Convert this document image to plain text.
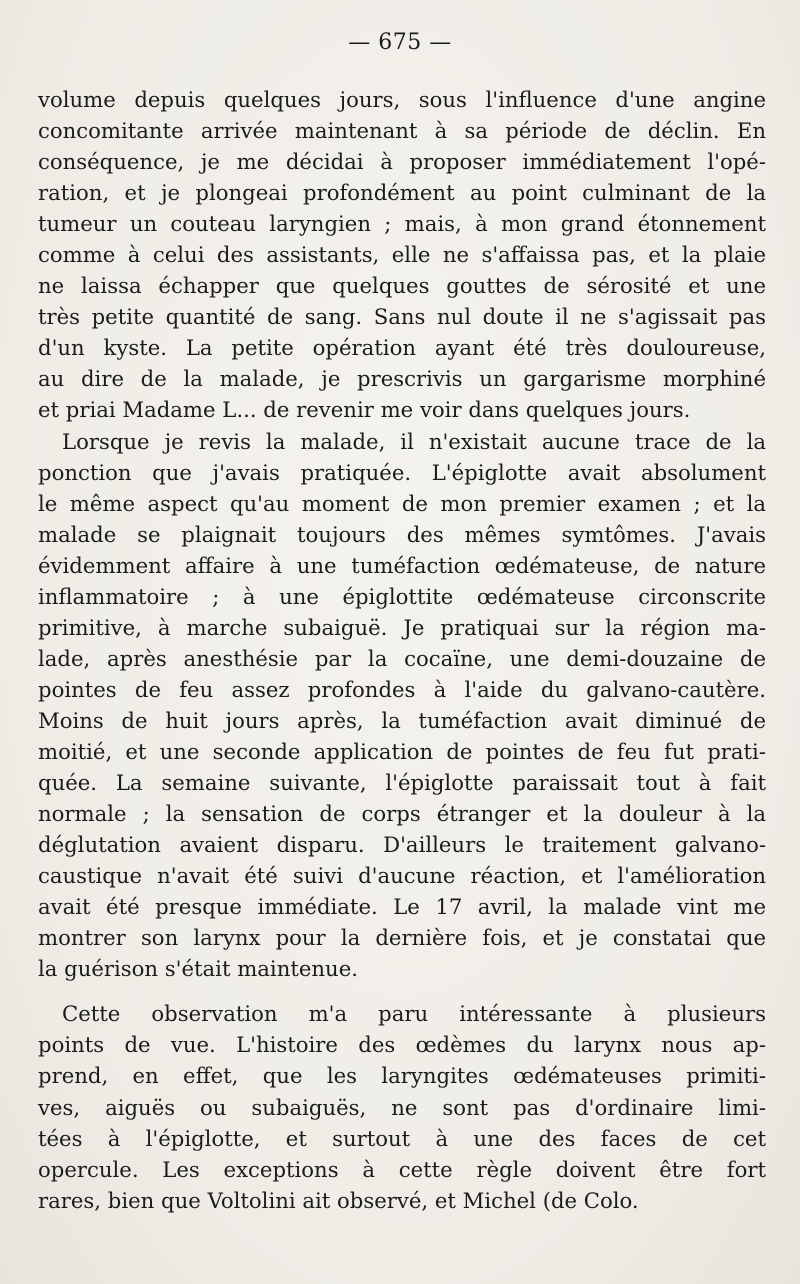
— 675 —
volume depuis quelques jours, sous l'influence d'une angine
concomitante arrivée maintenant à sa période de déclin. En
conséquence, je me décidai à proposer immédiatement l'opé-
ration, et je plongeai profondément au point culminant de la
tumeur un couteau laryngien ; mais, à mon grand étonnement
comme à celui des assistants, elle ne s'affaissa pas, et la plaie
ne laissa échapper que quelques gouttes de sérosité et une
très petite quantité de sang. Sans nul doute il ne s'agissait pas
d'un kyste. La petite opération ayant été très douloureuse,
au dire de la malade, je prescrivis un gargarisme morphiné
et priai Madame L... de revenir me voir dans quelques jours.
Lorsque je revis la malade, il n'existait aucune trace de la
ponction que j'avais pratiquée. L'épiglotte avait absolument
le même aspect qu'au moment de mon premier examen ; et la
malade se plaignait toujours des mêmes symtômes. J'avais
évidemment affaire à une tuméfaction œdémateuse, de nature
inflammatoire ; à une épiglottite œdémateuse circonscrite
primitive, à marche subaiguë. Je pratiquai sur la région ma-
lade, après anesthésie par la cocaïne, une demi-douzaine de
pointes de feu assez profondes à l'aide du galvano-cautère.
Moins de huit jours après, la tuméfaction avait diminué de
moitié, et une seconde application de pointes de feu fut prati-
quée. La semaine suivante, l'épiglotte paraissait tout à fait
normale ; la sensation de corps étranger et la douleur à la
déglutation avaient disparu. D'ailleurs le traitement galvano-
caustique n'avait été suivi d'aucune réaction, et l'amélioration
avait été presque immédiate. Le 17 avril, la malade vint me
montrer son larynx pour la dernière fois, et je constatai que
la guérison s'était maintenue.
Cette observation m'a paru intéressante à plusieurs
points de vue. L'histoire des œdèmes du larynx nous ap-
prend, en effet, que les laryngites œdémateuses primiti-
ves, aiguës ou subaiguës, ne sont pas d'ordinaire limi-
tées à l'épiglotte, et surtout à une des faces de cet
opercule. Les exceptions à cette règle doivent être fort
rares, bien que Voltolini ait observé, et Michel (de Colo.
